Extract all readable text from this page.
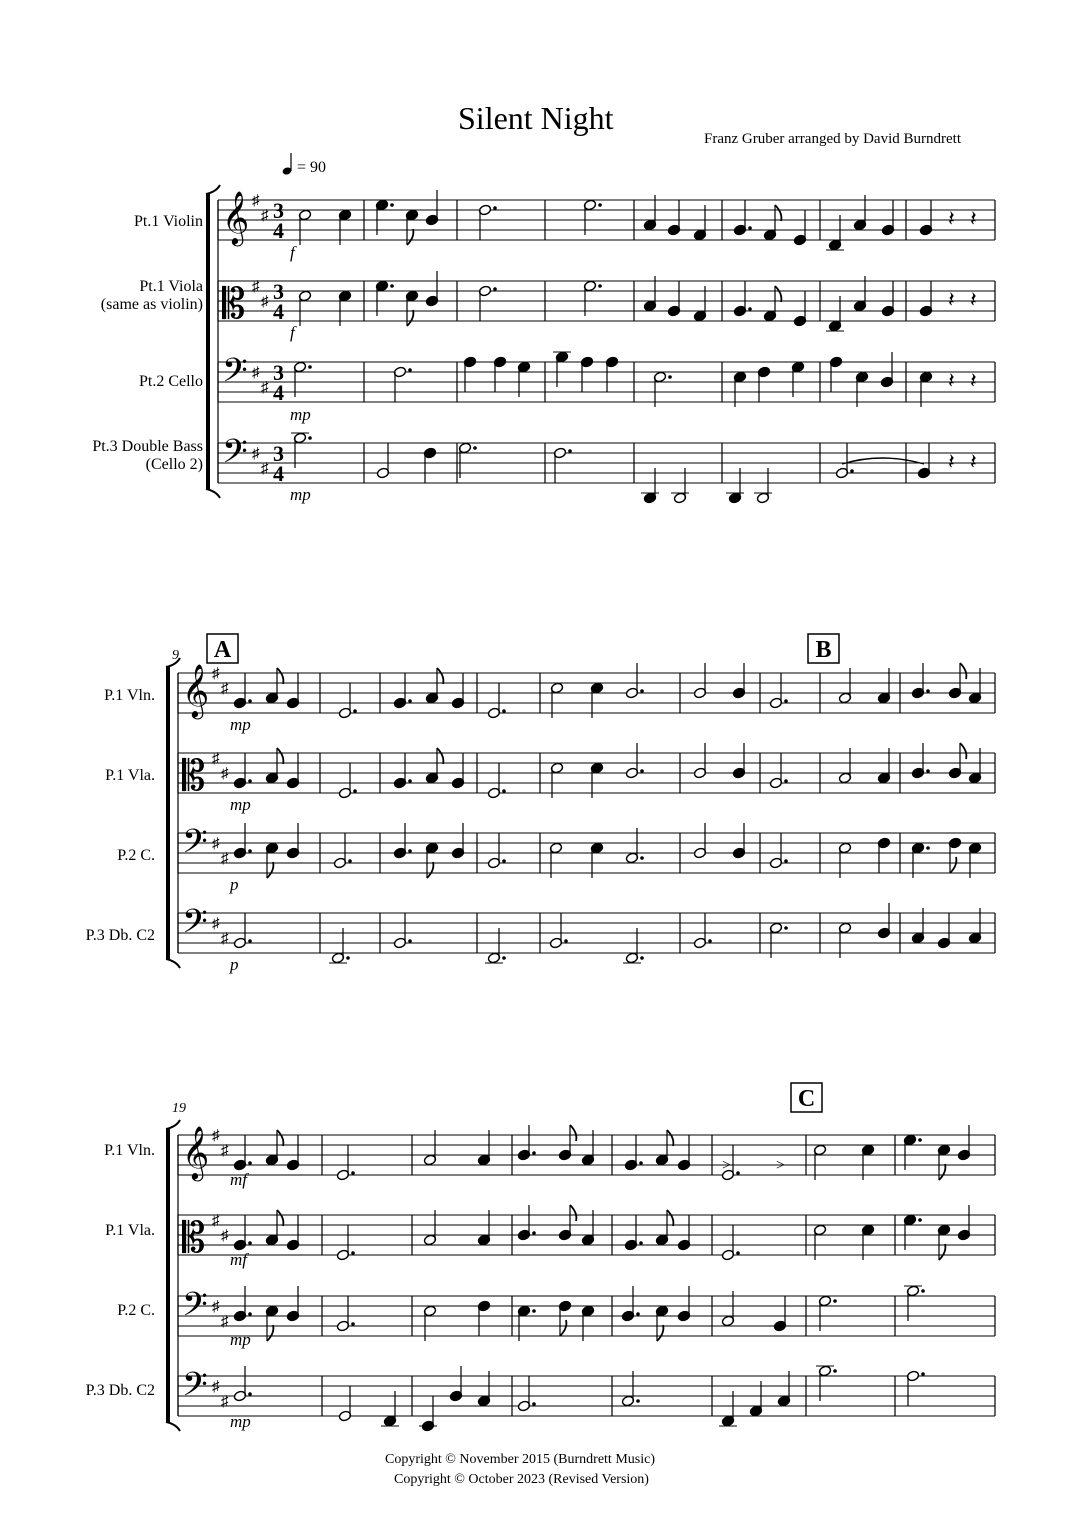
Silent Night
Franz Gruber arranged by David Burndrett
= 90
𝄞 ♯
♯ 3
4
Pt.1 Violin
f
𝄡 ♯
♯ 3
4
Pt.1 Viola
(same as violin)
f
𝄢 ♯
♯
3
4
Pt.2 Cello
mp
𝄢 ♯
♯
3
4
Pt.3 Double Bass
(Cello 2)
mp
𝄞 ♯
♯
P.1 Vln.
mp
𝄡 ♯
♯
P.1 Vla.
mp
𝄢 ♯
♯
P.2 C.
p
𝄢 ♯
♯
P.3 Db. C2
p
𝄞 ♯
♯
P.1 Vln.
mf
𝄡 ♯
♯
P.1 Vla.
mf
𝄢 ♯
♯
P.2 C.
mp
𝄢 ♯
♯
P.3 Db. C2
mp
9
19
A	B
C
𝄽 𝄽
𝄽 𝄽
𝄽 𝄽
𝄽 𝄽
>	>
Copyright © November 2015 (Burndrett Music)
Copyright © October 2023 (Revised Version)
